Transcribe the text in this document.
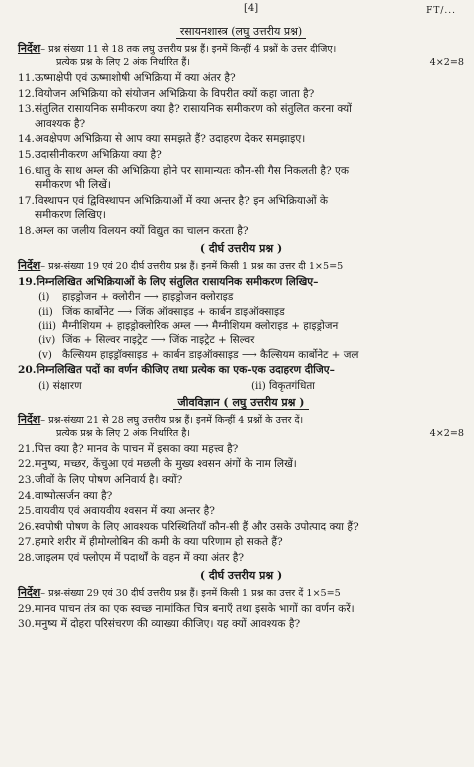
[4]	FT/...
रसायनशास्त्र (लघु उत्तरीय प्रश्न)
निर्देश– प्रश्न संख्या 11 से 18 तक लघु उत्तरीय प्रश्न हैं। इनमें किन्हीं 4 प्रश्नों के उत्तर दीजिए।
प्रत्येक प्रश्न के लिए 2 अंक निर्धारित हैं।	4×2=8
11. ऊष्माक्षेपी एवं ऊष्माशोषी अभिक्रिया में क्या अंतर है?
12. वियोजन अभिक्रिया को संयोजन अभिक्रिया के विपरीत क्यों कहा जाता है?
13. संतुलित रासायनिक समीकरण क्या है? रासायनिक समीकरण को संतुलित करना क्यों
आवश्यक है?
14. अवक्षेपण अभिक्रिया से आप क्या समझते हैं? उदाहरण देकर समझाइए।
15. उदासीनीकरण अभिक्रिया क्या है?
16. धातु के साथ अम्ल की अभिक्रिया होने पर सामान्यतः कौन-सी गैस निकलती है? एक
समीकरण भी लिखें।
17. विस्थापन एवं द्विविस्थापन अभिक्रियाओं में क्या अन्तर है? इन अभिक्रियाओं के
समीकरण लिखिए।
18. अम्ल का जलीय विलयन क्यों विद्युत का चालन करता है?
( दीर्घ उत्तरीय प्रश्न )
निर्देश– प्रश्न-संख्या 19 एवं 20 दीर्घ उत्तरीय प्रश्न हैं। इनमें किसी 1 प्रश्न का उत्तर दी 1×5=5
19. निम्नलिखित अभिक्रियाओं के लिए संतुलित रासायनिक समीकरण लिखिए–
(i)	हाइड्रोजन + क्लोरीन ⟶ हाइड्रोजन क्लोराइड
(ii) जिंक कार्बोनेट ⟶ जिंक ऑक्साइड + कार्बन डाइऑक्साइड
(iii) मैग्नीशियम + हाइड्रोक्लोरिक अम्ल ⟶ मैग्नीशियम क्लोराइड + हाइड्रोजन
(iv) जिंक + सिल्वर नाइट्रेट ⟶ जिंक नाइट्रेट + सिल्वर
(v) कैल्सियम हाइड्रॉक्साइड + कार्बन डाइऑक्साइड ⟶ कैल्सियम कार्बोनेट + जल
20. निम्नलिखित पदों का वर्णन कीजिए तथा प्रत्येक का एक-एक उदाहरण दीजिए–
(i) संक्षारण	(ii) विकृतगंधिता
जीवविज्ञान ( लघु उत्तरीय प्रश्न )
निर्देश– प्रश्न-संख्या 21 से 28 लघु उत्तरीय प्रश्न हैं। इनमें किन्हीं 4 प्रश्नों के उत्तर दें।
प्रत्येक प्रश्न के लिए 2 अंक निर्धारित है।	4×2=8
21. पित्त क्या है? मानव के पाचन में इसका क्या महत्त्व है?
22. मनुष्य, मच्छर, केंचुआ एवं मछली के मुख्य श्वसन अंगों के नाम लिखें।
23. जीवों के लिए पोषण अनिवार्य है। क्यों?
24. वाष्पोत्सर्जन क्या है?
25. वायवीय एवं अवायवीय श्वसन में क्या अन्तर है?
26. स्वपोषी पोषण के लिए आवश्यक परिस्थितियाँ कौन-सी हैं और उसके उपोत्पाद क्या हैं?
27. हमारे शरीर में हीमोग्लोबिन की कमी के क्या परिणाम हो सकते हैं?
28. जाइलम एवं फ्लोएम में पदार्थों के वहन में क्या अंतर है?
( दीर्घ उत्तरीय प्रश्न )
निर्देश– प्रश्न-संख्या 29 एवं 30 दीर्घ उत्तरीय प्रश्न हैं। इनमें किसी 1 प्रश्न का उत्तर दें 1×5=5
29. मानव पाचन तंत्र का एक स्वच्छ नामांकित चित्र बनाएँ तथा इसके भागों का वर्णन करें।
30. मनुष्य में दोहरा परिसंचरण की व्याख्या कीजिए। यह क्यों आवश्यक है?
